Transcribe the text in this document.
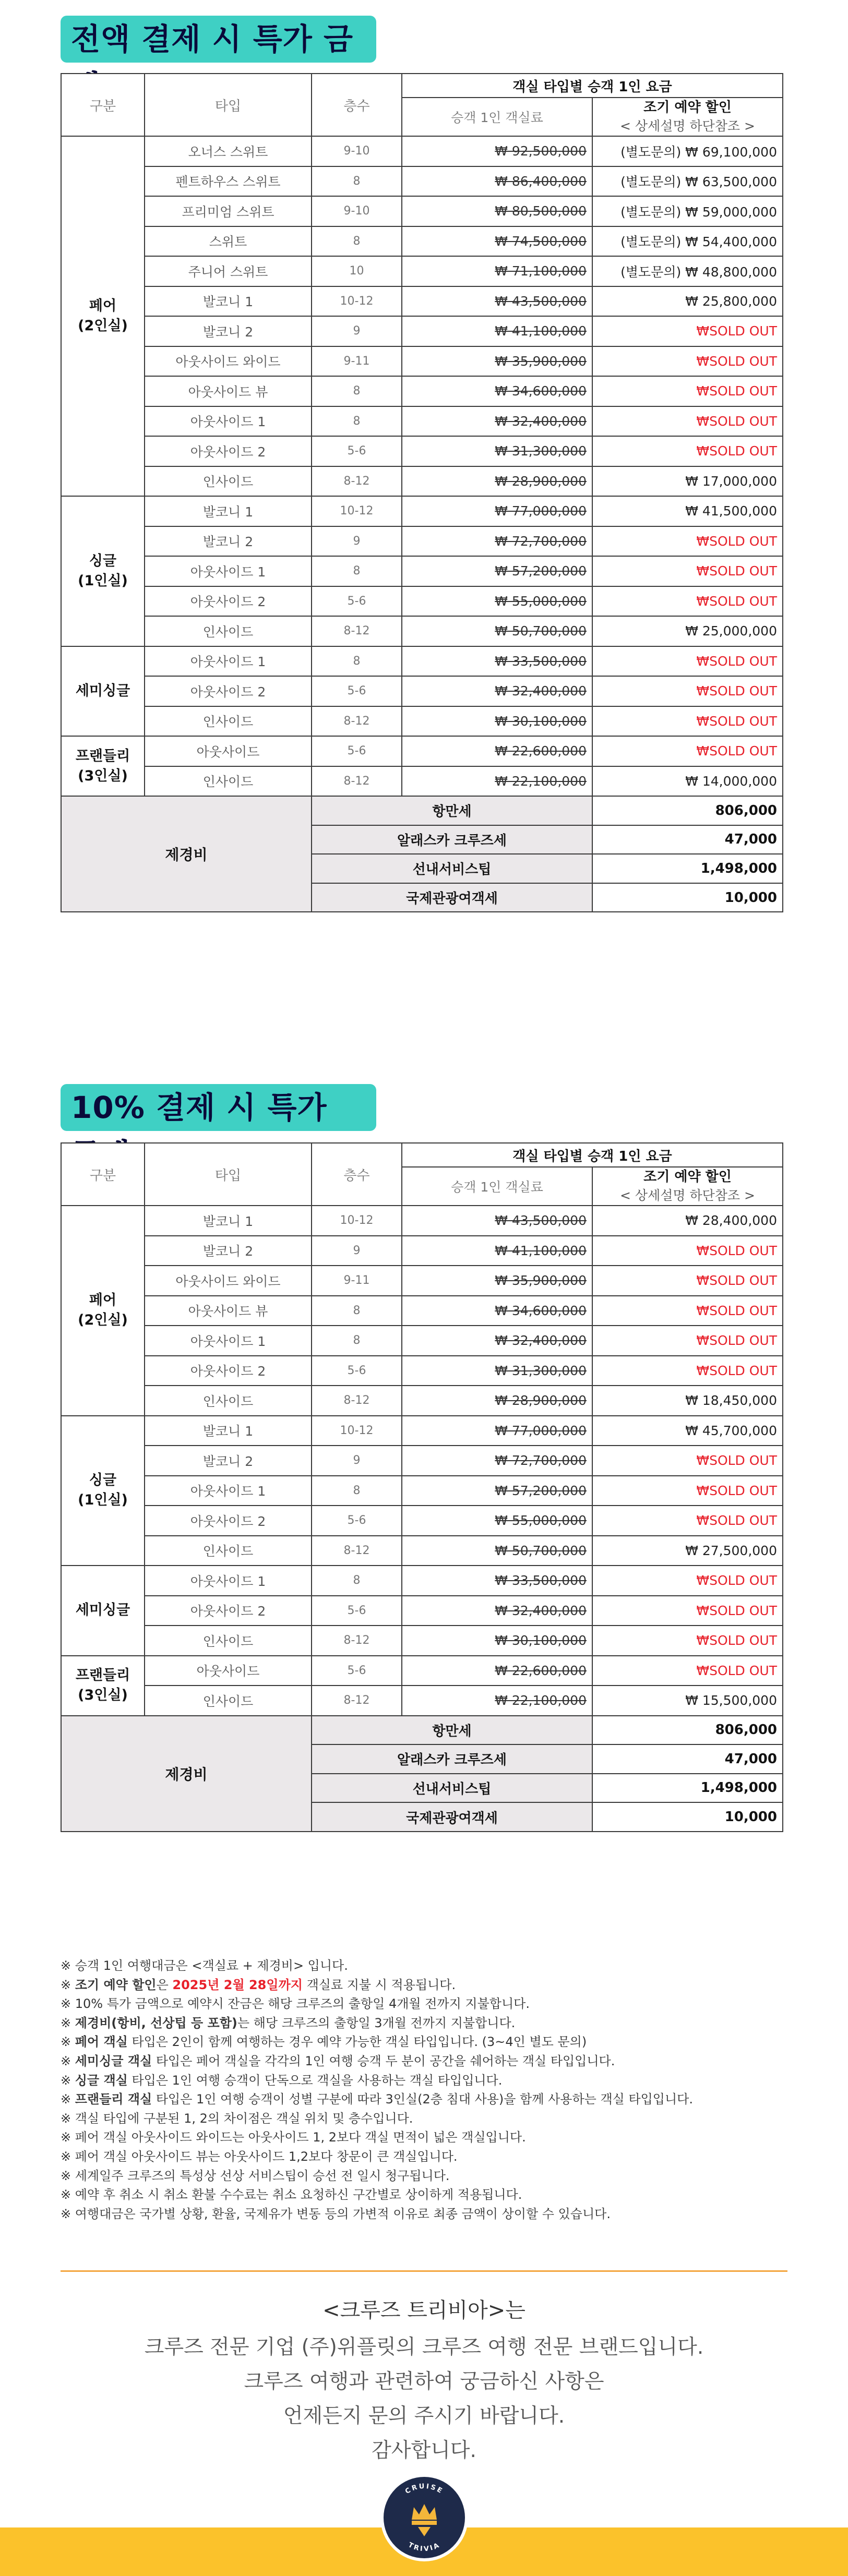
전액 결제 시 특가 금
구분	타입	층수	객실 타입별 승객 1인 요금	
			승객 1인 객실료	조기 예약 할인
< 상세설명 하단참조 >

페어
(2인실)	오너스 스위트	9-10	₩ 92,500,000	(별도문의) ₩ 69,100,000
	펜트하우스 스위트	8	₩ 86,400,000	(별도문의) ₩ 63,500,000
	프리미엄 스위트	9-10	₩ 80,500,000	(별도문의) ₩ 59,000,000
	스위트	8	₩ 74,500,000	(별도문의) ₩ 54,400,000
	주니어 스위트	10	₩ 71,100,000	(별도문의) ₩ 48,800,000
	발코니 1	10-12	₩ 43,500,000	₩ 25,800,000
	발코니 2	9	₩ 41,100,000	₩SOLD OUT
	아웃사이드 와이드	9-11	₩ 35,900,000	₩SOLD OUT
	아웃사이드 뷰	8	₩ 34,600,000	₩SOLD OUT
	아웃사이드 1	8	₩ 32,400,000	₩SOLD OUT
	아웃사이드 2	5-6	₩ 31,300,000	₩SOLD OUT
	인사이드	8-12	₩ 28,900,000	₩ 17,000,000

싱글
(1인실)	발코니 1	10-12	₩ 77,000,000	₩ 41,500,000
	발코니 2	9	₩ 72,700,000	₩SOLD OUT
	아웃사이드 1	8	₩ 57,200,000	₩SOLD OUT
	아웃사이드 2	5-6	₩ 55,000,000	₩SOLD OUT
	인사이드	8-12	₩ 50,700,000	₩ 25,000,000

세미싱글	아웃사이드 1	8	₩ 33,500,000	₩SOLD OUT
	아웃사이드 2	5-6	₩ 32,400,000	₩SOLD OUT
	인사이드	8-12	₩ 30,100,000	₩SOLD OUT

프랜들리
(3인실)	아웃사이드	5-6	₩ 22,600,000	₩SOLD OUT
	인사이드	8-12	₩ 22,100,000	₩ 14,000,000
제경비		항만세		806,000
		알래스카 크루즈세		47,000
		선내서비스팁		1,498,000
		국제관광여객세		10,000
10% 결제 시 특가
구분	타입	층수	객실 타입별 승객 1인 요금	
			승객 1인 객실료	조기 예약 할인
< 상세설명 하단참조 >

페어
(2인실)	발코니 1	10-12	₩ 43,500,000	₩ 28,400,000
	발코니 2	9	₩ 41,100,000	₩SOLD OUT
	아웃사이드 와이드	9-11	₩ 35,900,000	₩SOLD OUT
	아웃사이드 뷰	8	₩ 34,600,000	₩SOLD OUT
	아웃사이드 1	8	₩ 32,400,000	₩SOLD OUT
	아웃사이드 2	5-6	₩ 31,300,000	₩SOLD OUT
	인사이드	8-12	₩ 28,900,000	₩ 18,450,000

싱글
(1인실)	발코니 1	10-12	₩ 77,000,000	₩ 45,700,000
	발코니 2	9	₩ 72,700,000	₩SOLD OUT
	아웃사이드 1	8	₩ 57,200,000	₩SOLD OUT
	아웃사이드 2	5-6	₩ 55,000,000	₩SOLD OUT
	인사이드	8-12	₩ 50,700,000	₩ 27,500,000

세미싱글	아웃사이드 1	8	₩ 33,500,000	₩SOLD OUT
	아웃사이드 2	5-6	₩ 32,400,000	₩SOLD OUT
	인사이드	8-12	₩ 30,100,000	₩SOLD OUT

프랜들리
(3인실)	아웃사이드	5-6	₩ 22,600,000	₩SOLD OUT
	인사이드	8-12	₩ 22,100,000	₩ 15,500,000
제경비		항만세		806,000
		알래스카 크루즈세		47,000
		선내서비스팁		1,498,000
		국제관광여객세		10,000
※ 승객 1인 여행대금은 <객실료 + 제경비> 입니다.
※ 조기 예약 할인은 2025년 2월 28일까지 객실료 지불 시 적용됩니다.
※ 10% 특가 금액으로 예약시 잔금은 해당 크루즈의 출항일 4개월 전까지 지불합니다.
※ 제경비(항비, 선상팁 등 포함)는 해당 크루즈의 출항일 3개월 전까지 지불합니다.
※ 페어 객실 타입은 2인이 함께 여행하는 경우 예약 가능한 객실 타입입니다. (3~4인 별도 문의)
※ 세미싱글 객실 타입은 페어 객실을 각각의 1인 여행 승객 두 분이 공간을 쉐어하는 객실 타입입니다.
※ 싱글 객실 타입은 1인 여행 승객이 단독으로 객실을 사용하는 객실 타입입니다.
※ 프랜들리 객실 타입은 1인 여행 승객이 성별 구분에 따라 3인실(2층 침대 사용)을 함께 사용하는 객실 타입입니다.
※ 객실 타입에 구분된 1, 2의 차이점은 객실 위치 및 층수입니다.
※ 페어 객실 아웃사이드 와이드는 아웃사이드 1, 2보다 객실 면적이 넓은 객실입니다.
※ 페어 객실 아웃사이드 뷰는 아웃사이드 1,2보다 창문이 큰 객실입니다.
※ 세계일주 크루즈의 특성상 선상 서비스팁이 승선 전 일시 청구됩니다.
※ 예약 후 취소 시 취소 환불 수수료는 취소 요청하신 구간별로 상이하게 적용됩니다.
※ 여행대금은 국가별 상황, 환율, 국제유가 변동 등의 가변적 이유로 최종 금액이 상이할 수 있습니다.
<크루즈 트리비아>는
크루즈 전문 기업 (주)위플릿의 크루즈 여행 전문 브랜드입니다.
크루즈 여행과 관련하여 궁금하신 사항은
언제든지 문의 주시기 바랍니다.
감사합니다.
CRUISE
TRIVIA
